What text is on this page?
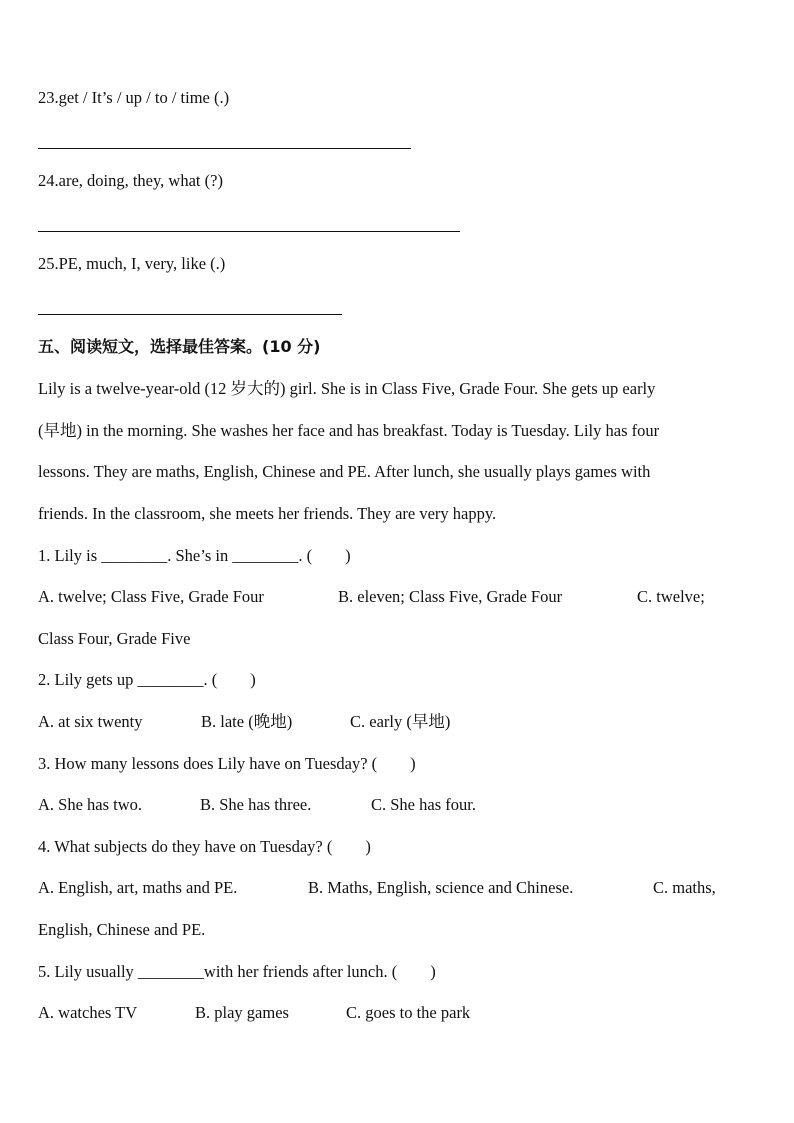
23.get / It’s / up / to / time (.)
24.are, doing, they, what (?)
25.PE, much, I, very, like (.)
五、阅读短文，选择最佳答案。(10 分)
Lily is a twelve-year-old (12 岁大的) girl. She is in Class Five, Grade Four. She gets up early
(早地) in the morning. She washes her face and has breakfast. Today is Tuesday. Lily has four
lessons. They are maths, English, Chinese and PE. After lunch, she usually plays games with
friends. In the classroom, she meets her friends. They are very happy.
1. Lily is ________. She’s in ________. (　　)
A. twelve; Class Five, Grade Four	B. eleven; Class Five, Grade Four	C. twelve;
Class Four, Grade Five
2. Lily gets up ________. (　　)
A. at six twenty	B. late (晚地)	C. early (早地)
3. How many lessons does Lily have on Tuesday? (　　)
A. She has two.	B. She has three.	C. She has four.
4. What subjects do they have on Tuesday? (　　)
A. English, art, maths and PE.	B. Maths, English, science and Chinese.	C. maths,
English, Chinese and PE.
5. Lily usually ________with her friends after lunch. (　　)
A. watches TV	B. play games	C. goes to the park
